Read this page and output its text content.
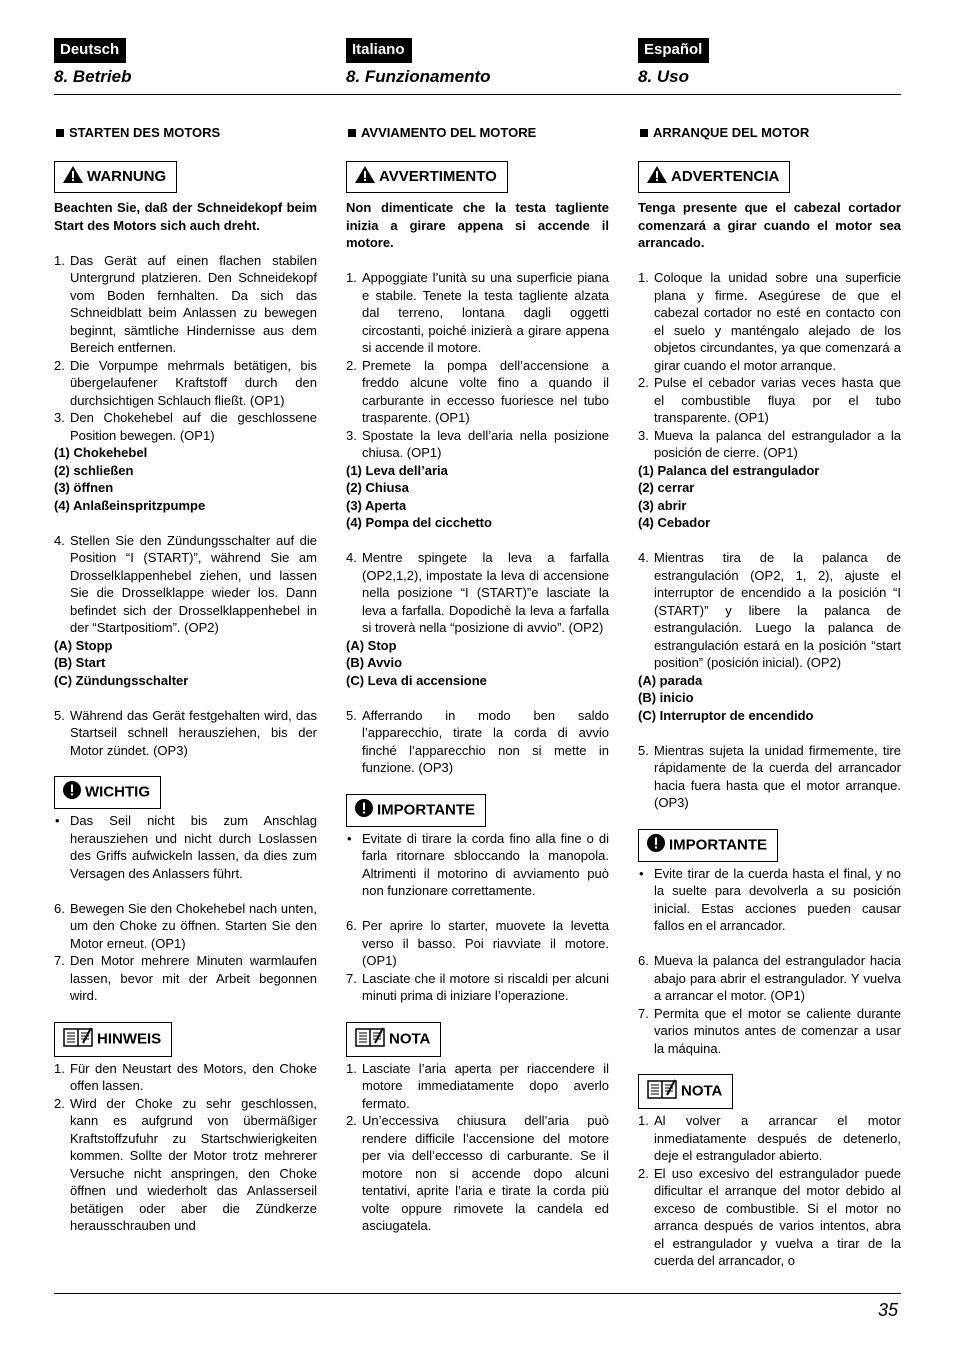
Deutsch
8. Betrieb
STARTEN DES MOTORS
WARNUNG
Beachten Sie, daß der Schneidekopf beim Start des Motors sich auch dreht.
1. Das Gerät auf einen flachen stabilen Untergrund platzieren. Den Schneidekopf vom Boden fernhalten. Da sich das Schneidblatt beim Anlassen zu bewegen beginnt, sämtliche Hindernisse aus dem Bereich entfernen.
2. Die Vorpumpe mehrmals betätigen, bis übergelaufener Kraftstoff durch den durchsichtigen Schlauch fließt. (OP1)
3. Den Chokehebel auf die geschlossene Position bewegen. (OP1)
(1) Chokehebel
(2) schließen
(3) öffnen
(4) Anlaßeinspritzpumpe
4. Stellen Sie den Zündungsschalter auf die Position “I (START)”, während Sie am Drosselklappenhebel ziehen, und lassen Sie die Drosselklappe wieder los. Dann befindet sich der Drosselklappenhebel in der “Startpositiom”. (OP2)
(A) Stopp
(B) Start
(C) Zündungsschalter
5. Während das Gerät festgehalten wird, das Startseil schnell herausziehen, bis der Motor zündet. (OP3)
WICHTIG
• Das Seil nicht bis zum Anschlag herausziehen und nicht durch Loslassen des Griffs aufwickeln lassen, da dies zum Versagen des Anlassers führt.
6. Bewegen Sie den Chokehebel nach unten, um den Choke zu öffnen. Starten Sie den Motor erneut. (OP1)
7. Den Motor mehrere Minuten warmlaufen lassen, bevor mit der Arbeit begonnen wird.
HINWEIS
1. Für den Neustart des Motors, den Choke offen lassen.
2. Wird der Choke zu sehr geschlossen, kann es aufgrund von übermäßiger Kraftstoffzufuhr zu Startschwierigkeiten kommen. Sollte der Motor trotz mehrerer Versuche nicht anspringen, den Choke öffnen und wiederholt das Anlasserseil betätigen oder aber die Zündkerze herausschrauben und
Italiano
8. Funzionamento
AVVIAMENTO DEL MOTORE
AVVERTIMENTO
Non dimenticate che la testa tagliente inizia a girare appena si accende il motore.
1. Appoggiate l’unità su una superficie piana e stabile. Tenete la testa tagliente alzata dal terreno, lontana dagli oggetti circostanti, poiché inizierà a girare appena si accende il motore.
2. Premete la pompa dell’accensione a freddo alcune volte fino a quando il carburante in eccesso fuoriesce nel tubo trasparente. (OP1)
3. Spostate la leva dell’aria nella posizione chiusa. (OP1)
(1) Leva dell’aria
(2) Chiusa
(3) Aperta
(4) Pompa del cicchetto
4. Mentre spingete la leva a farfalla (OP2,1,2), impostate la leva di accensione nella posizione “I (START)”e lasciate la leva a farfalla. Dopodichè la leva a farfalla si troverà nella “posizione di avvio”. (OP2)
(A) Stop
(B) Avvio
(C) Leva di accensione
5. Afferrando in modo ben saldo l’apparecchio, tirate la corda di avvio finché l’apparecchio non si mette in funzione. (OP3)
IMPORTANTE
• Evitate di tirare la corda fino alla fine o di farla ritornare sbloccando la manopola. Altrimenti il motorino di avviamento può non funzionare correttamente.
6. Per aprire lo starter, muovete la levetta verso il basso. Poi riavviate il motore. (OP1)
7. Lasciate che il motore si riscaldi per alcuni minuti prima di iniziare l’operazione.
NOTA
1. Lasciate l’aria aperta per riaccendere il motore immediatamente dopo averlo fermato.
2. Un’eccessiva chiusura dell’aria può rendere difficile l’accensione del motore per via dell’eccesso di carburante. Se il motore non si accende dopo alcuni tentativi, aprite l’aria e tirate la corda più volte oppure rimovete la candela ed asciugatela.
Español
8. Uso
ARRANQUE DEL MOTOR
ADVERTENCIA
Tenga presente que el cabezal cortador comenzará a girar cuando el motor sea arrancado.
1. Coloque la unidad sobre una superficie plana y firme. Asegúrese de que el cabezal cortador no esté en contacto con el suelo y manténgalo alejado de los objetos circundantes, ya que comenzará a girar cuando el motor arranque.
2. Pulse el cebador varias veces hasta que el combustible fluya por el tubo transparente. (OP1)
3. Mueva la palanca del estrangulador a la posición de cierre. (OP1)
(1) Palanca del estrangulador
(2) cerrar
(3) abrir
(4) Cebador
4. Mientras tira de la palanca de estrangulación (OP2, 1, 2), ajuste el interruptor de encendido a la posición “I (START)” y libere la palanca de estrangulación. Luego la palanca de estrangulación estará en la posición “start position” (posición inicial). (OP2)
(A) parada
(B) inicio
(C) Interruptor de encendido
5. Mientras sujeta la unidad firmemente, tire rápidamente de la cuerda del arrancador hacia fuera hasta que el motor arranque. (OP3)
IMPORTANTE
• Evite tirar de la cuerda hasta el final, y no la suelte para devolverla a su posición inicial. Estas acciones pueden causar fallos en el arrancador.
6. Mueva la palanca del estrangulador hacia abajo para abrir el estrangulador. Y vuelva a arrancar el motor. (OP1)
7. Permita que el motor se caliente durante varios minutos antes de comenzar a usar la máquina.
NOTA
1. Al volver a arrancar el motor inmediatamente después de detenerlo, deje el estrangulador abierto.
2. El uso excesivo del estrangulador puede dificultar el arranque del motor debido al exceso de combustible. Si el motor no arranca después de varios intentos, abra el estrangulador y vuelva a tirar de la cuerda del arrancador, o
35
